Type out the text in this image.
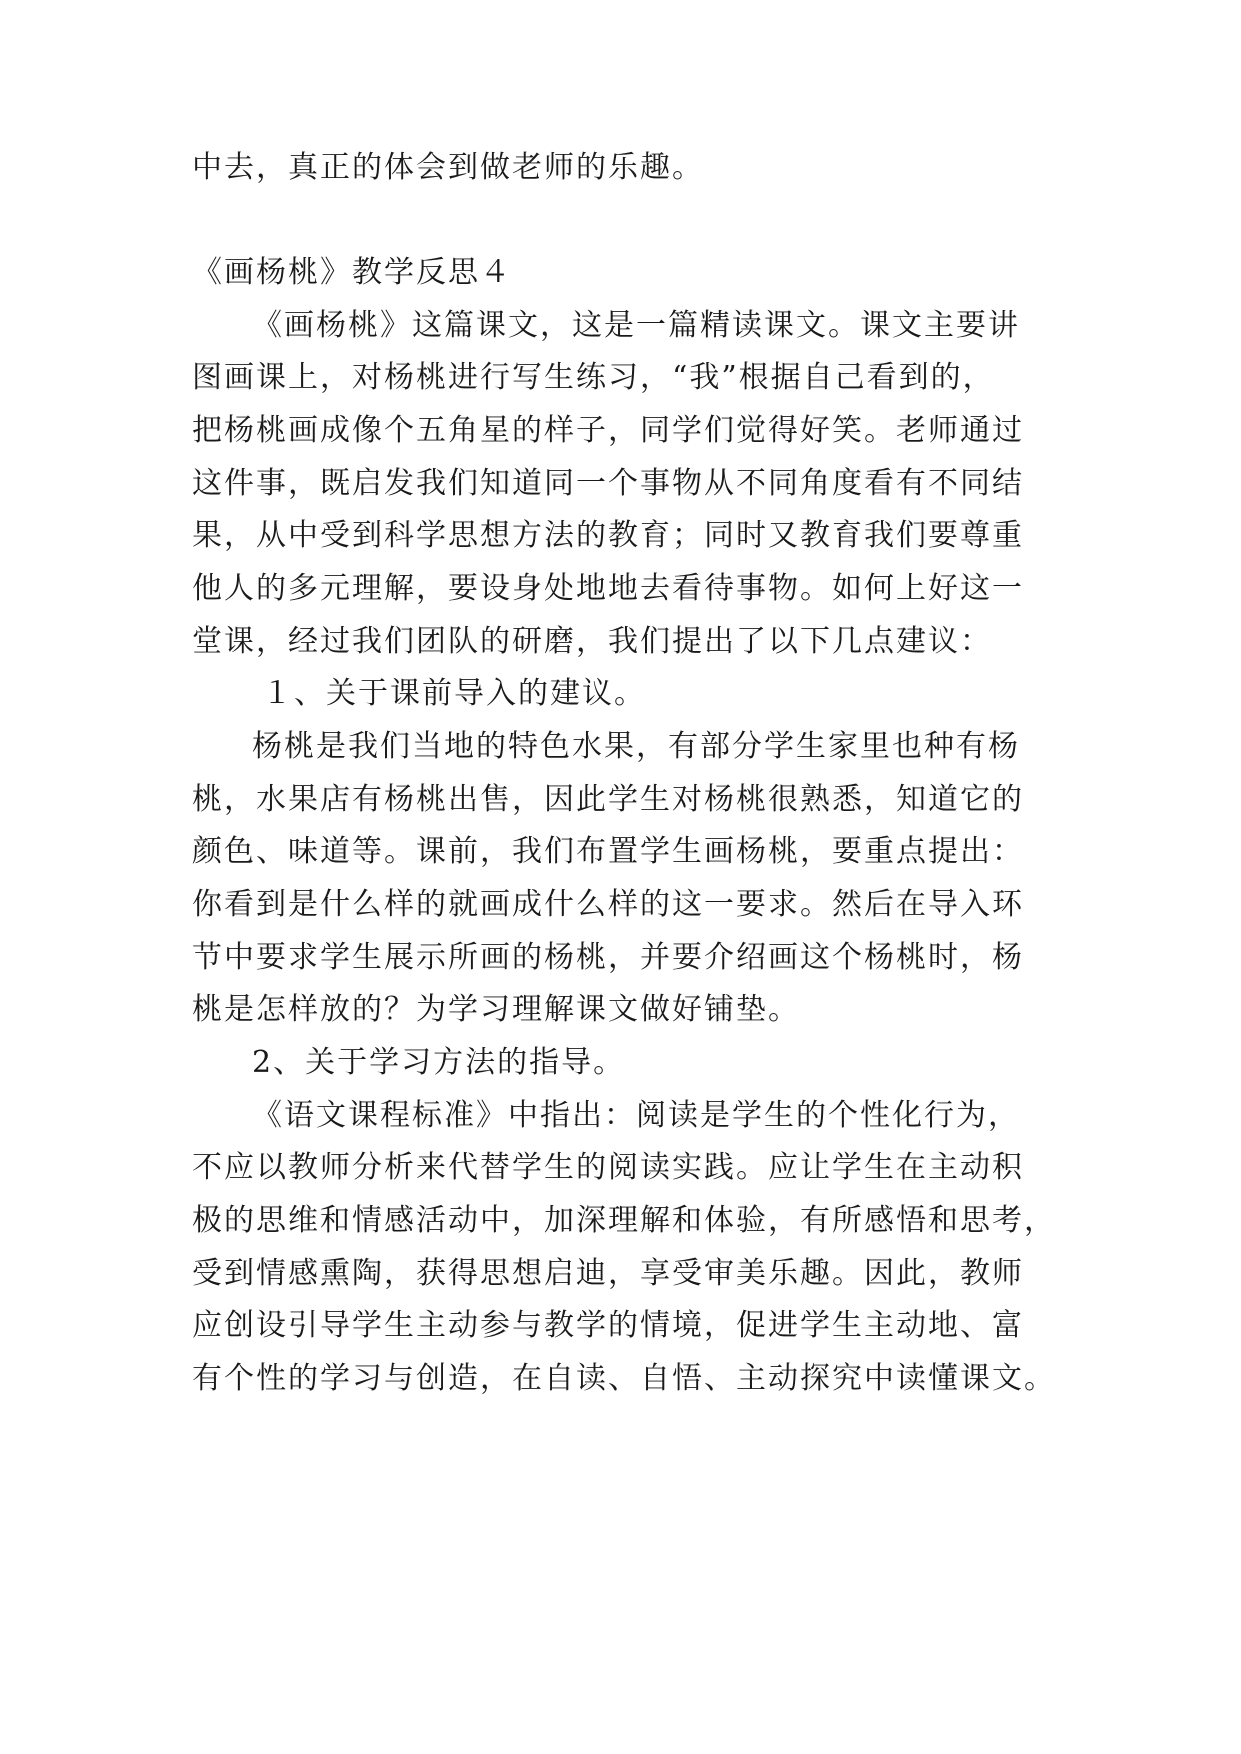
中去，真正的体会到做老师的乐趣。

《画杨桃》教学反思４

《画杨桃》这篇课文，这是一篇精读课文。课文主要讲

图画课上，对杨桃进行写生练习，“我”根据自己看到的，

把杨桃画成像个五角星的样子，同学们觉得好笑。老师通过

这件事，既启发我们知道同一个事物从不同角度看有不同结

果，从中受到科学思想方法的教育；同时又教育我们要尊重

他人的多元理解，要设身处地地去看待事物。如何上好这一

堂课，经过我们团队的研磨，我们提出了以下几点建议：

１、关于课前导入的建议。

杨桃是我们当地的特色水果，有部分学生家里也种有杨

桃，水果店有杨桃出售，因此学生对杨桃很熟悉，知道它的

颜色、味道等。课前，我们布置学生画杨桃，要重点提出：

你看到是什么样的就画成什么样的这一要求。然后在导入环

节中要求学生展示所画的杨桃，并要介绍画这个杨桃时，杨

桃是怎样放的？为学习理解课文做好铺垫。

2、关于学习方法的指导。

《语文课程标准》中指出：阅读是学生的个性化行为，

不应以教师分析来代替学生的阅读实践。应让学生在主动积

极的思维和情感活动中，加深理解和体验，有所感悟和思考，

受到情感熏陶，获得思想启迪，享受审美乐趣。因此，教师

应创设引导学生主动参与教学的情境，促进学生主动地、富

有个性的学习与创造，在自读、自悟、主动探究中读懂课文。
